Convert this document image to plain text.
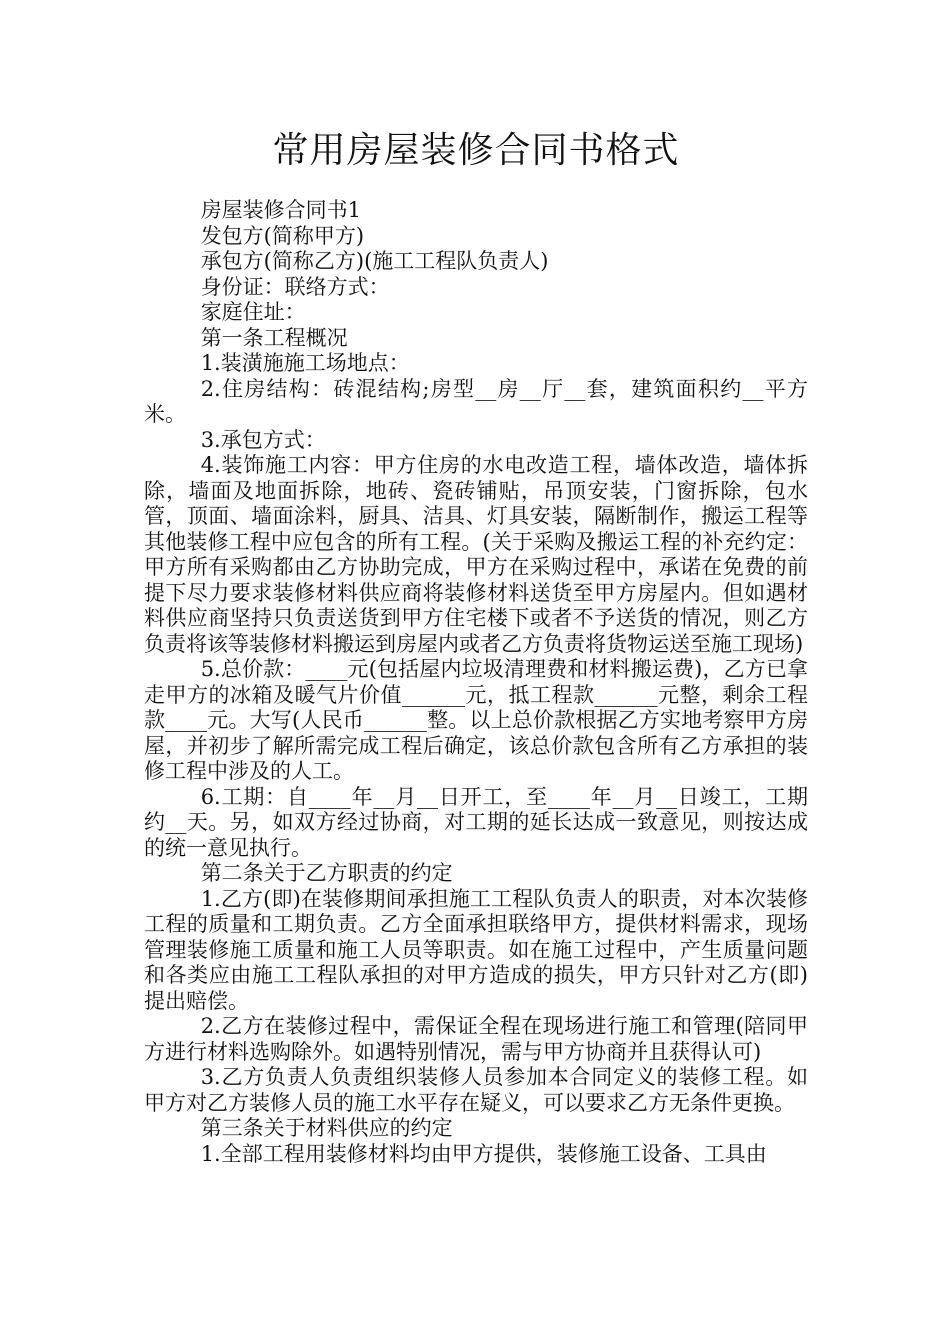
常用房屋装修合同书格式

房屋装修合同书1

发包方(简称甲方)

承包方(简称乙方)(施工工程队负责人)

身份证：联络方式：

家庭住址：

第一条工程概况

1.装潢施施工场地点：

2.住房结构：砖混结构;房型__房__厅__套，建筑面积约__平方米。

3.承包方式：

4.装饰施工内容：甲方住房的水电改造工程，墙体改造，墙体拆除，墙面及地面拆除，地砖、瓷砖铺贴，吊顶安装，门窗拆除，包水管，顶面、墙面涂料，厨具、洁具、灯具安装，隔断制作，搬运工程等其他装修工程中应包含的所有工程。(关于采购及搬运工程的补充约定：甲方所有采购都由乙方协助完成，甲方在采购过程中，承诺在免费的前提下尽力要求装修材料供应商将装修材料送货至甲方房屋内。但如遇材料供应商坚持只负责送货到甲方住宅楼下或者不予送货的情况，则乙方负责将该等装修材料搬运到房屋内或者乙方负责将货物运送至施工现场)

5.总价款：____元(包括屋内垃圾清理费和材料搬运费)，乙方已拿走甲方的冰箱及暖气片价值______元，抵工程款______元整，剩余工程款____元。大写(人民币______整。以上总价款根据乙方实地考察甲方房屋，并初步了解所需完成工程后确定，该总价款包含所有乙方承担的装修工程中涉及的人工。

6.工期：自____年__月__日开工，至____年__月__日竣工，工期约__天。另，如双方经过协商，对工期的延长达成一致意见，则按达成的统一意见执行。

第二条关于乙方职责的约定

1.乙方(即)在装修期间承担施工工程队负责人的职责，对本次装修工程的质量和工期负责。乙方全面承担联络甲方，提供材料需求，现场管理装修施工质量和施工人员等职责。如在施工过程中，产生质量问题和各类应由施工工程队承担的对甲方造成的损失，甲方只针对乙方(即)提出赔偿。

2.乙方在装修过程中，需保证全程在现场进行施工和管理(陪同甲方进行材料选购除外。如遇特别情况，需与甲方协商并且获得认可)

3.乙方负责人负责组织装修人员参加本合同定义的装修工程。如甲方对乙方装修人员的施工水平存在疑义，可以要求乙方无条件更换。

第三条关于材料供应的约定

1.全部工程用装修材料均由甲方提供，装修施工设备、工具由
